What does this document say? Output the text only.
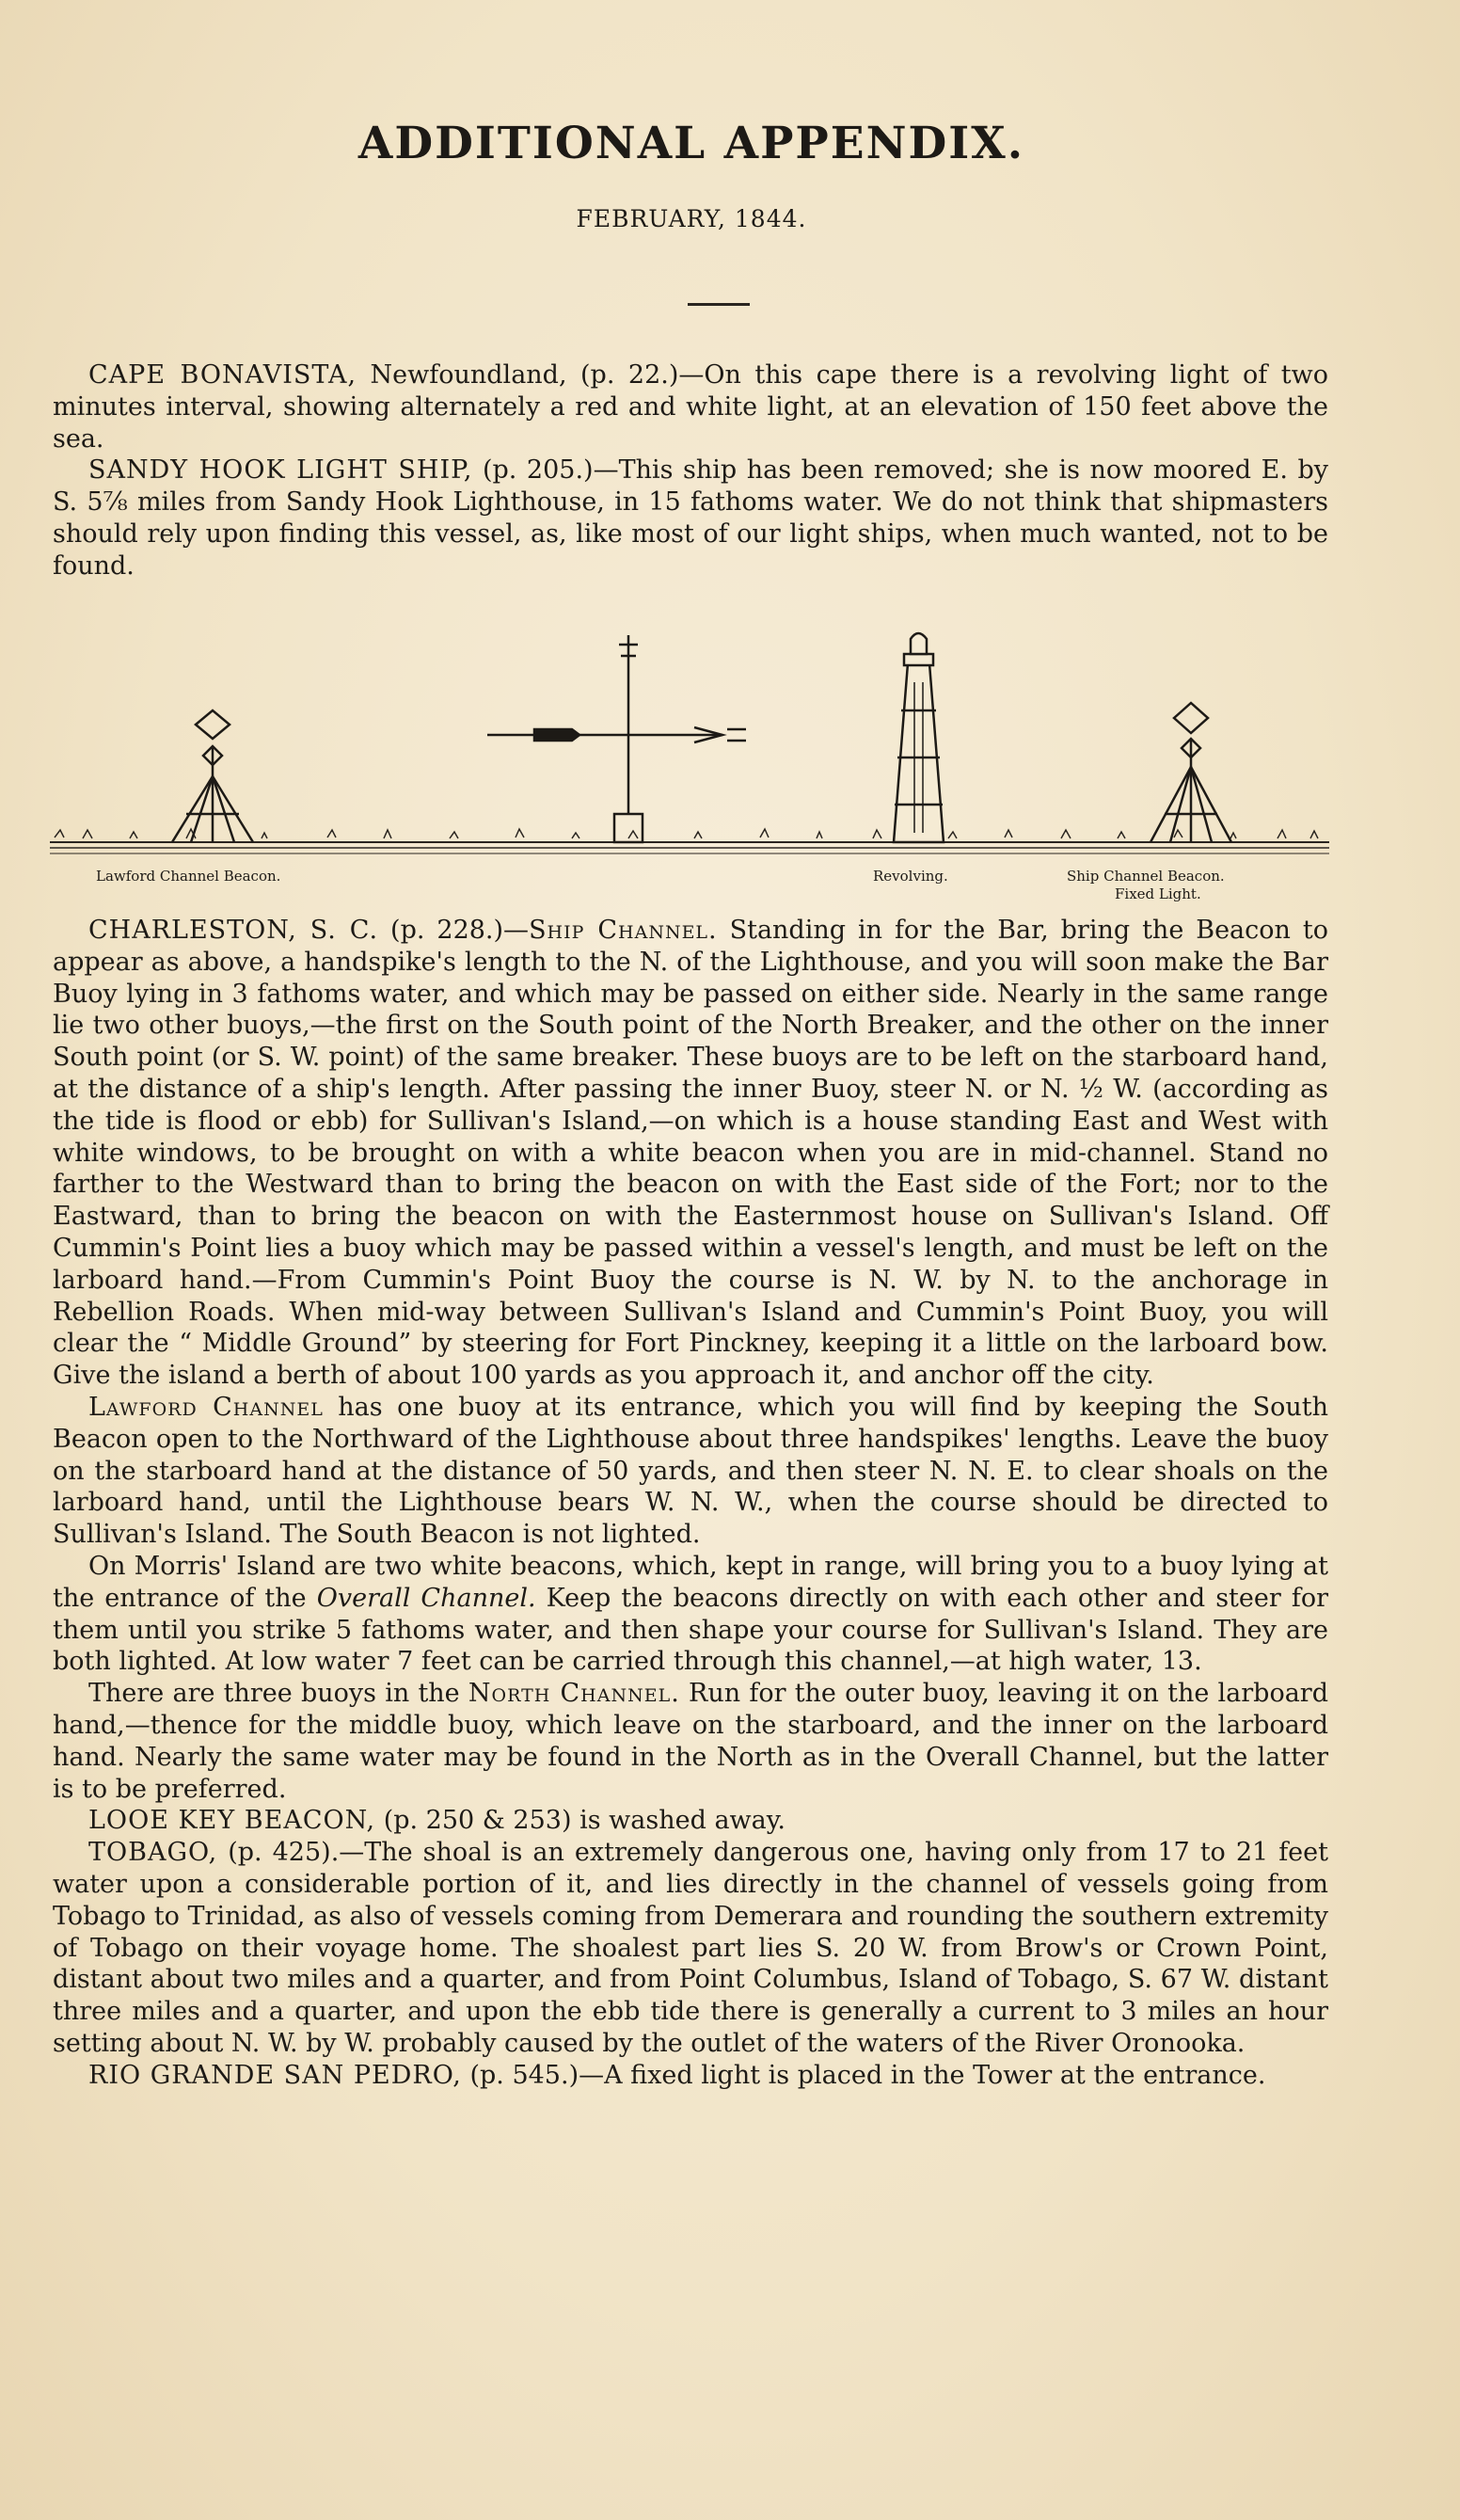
ADDITIONAL APPENDIX.
FEBRUARY, 1844.

CAPE BONAVISTA, Newfoundland, (p. 22.)—On this cape there is a revolving light of two minutes interval, showing alternately a red and white light, at an elevation of 150 feet above the sea.

SANDY HOOK LIGHT SHIP, (p. 205.)—This ship has been removed; she is now moored E. by S. 5⅞ miles from Sandy Hook Lighthouse, in 15 fathoms water. We do not think that shipmasters should rely upon finding this vessel, as, like most of our light ships, when much wanted, not to be found.

Lawford Channel Beacon.	Revolving.	Ship Channel Beacon.
Fixed Light.

CHARLESTON, S. C. (p. 228.)—Ship Channel. Standing in for the Bar, bring the Beacon to appear as above, a handspike's length to the N. of the Lighthouse, and you will soon make the Bar Buoy lying in 3 fathoms water, and which may be passed on either side. Nearly in the same range lie two other buoys,—the first on the South point of the North Breaker, and the other on the inner South point (or S. W. point) of the same breaker. These buoys are to be left on the starboard hand, at the distance of a ship's length. After passing the inner Buoy, steer N. or N. ½ W. (according as the tide is flood or ebb) for Sullivan's Island,—on which is a house standing East and West with white windows, to be brought on with a white beacon when you are in mid-channel. Stand no farther to the Westward than to bring the beacon on with the East side of the Fort; nor to the Eastward, than to bring the beacon on with the Easternmost house on Sullivan's Island. Off Cummin's Point lies a buoy which may be passed within a vessel's length, and must be left on the larboard hand.—From Cummin's Point Buoy the course is N. W. by N. to the anchorage in Rebellion Roads. When mid-way between Sullivan's Island and Cummin's Point Buoy, you will clear the “ Middle Ground” by steering for Fort Pinckney, keeping it a little on the larboard bow. Give the island a berth of about 100 yards as you approach it, and anchor off the city.

Lawford Channel has one buoy at its entrance, which you will find by keeping the South Beacon open to the Northward of the Lighthouse about three handspikes' lengths. Leave the buoy on the starboard hand at the distance of 50 yards, and then steer N. N. E. to clear shoals on the larboard hand, until the Lighthouse bears W. N. W., when the course should be directed to Sullivan's Island. The South Beacon is not lighted.

On Morris' Island are two white beacons, which, kept in range, will bring you to a buoy lying at the entrance of the Overall Channel. Keep the beacons directly on with each other and steer for them until you strike 5 fathoms water, and then shape your course for Sullivan's Island. They are both lighted. At low water 7 feet can be carried through this channel,—at high water, 13.

There are three buoys in the North Channel. Run for the outer buoy, leaving it on the larboard hand,—thence for the middle buoy, which leave on the starboard, and the inner on the larboard hand. Nearly the same water may be found in the North as in the Overall Channel, but the latter is to be preferred.

LOOE KEY BEACON, (p. 250 & 253) is washed away.

TOBAGO, (p. 425).—The shoal is an extremely dangerous one, having only from 17 to 21 feet water upon a considerable portion of it, and lies directly in the channel of vessels going from Tobago to Trinidad, as also of vessels coming from Demerara and rounding the southern extremity of Tobago on their voyage home. The shoalest part lies S. 20 W. from Brow's or Crown Point, distant about two miles and a quarter, and from Point Columbus, Island of Tobago, S. 67 W. distant three miles and a quarter, and upon the ebb tide there is generally a current to 3 miles an hour setting about N. W. by W. probably caused by the outlet of the waters of the River Oronooka.

RIO GRANDE SAN PEDRO, (p. 545.)—A fixed light is placed in the Tower at the entrance.
